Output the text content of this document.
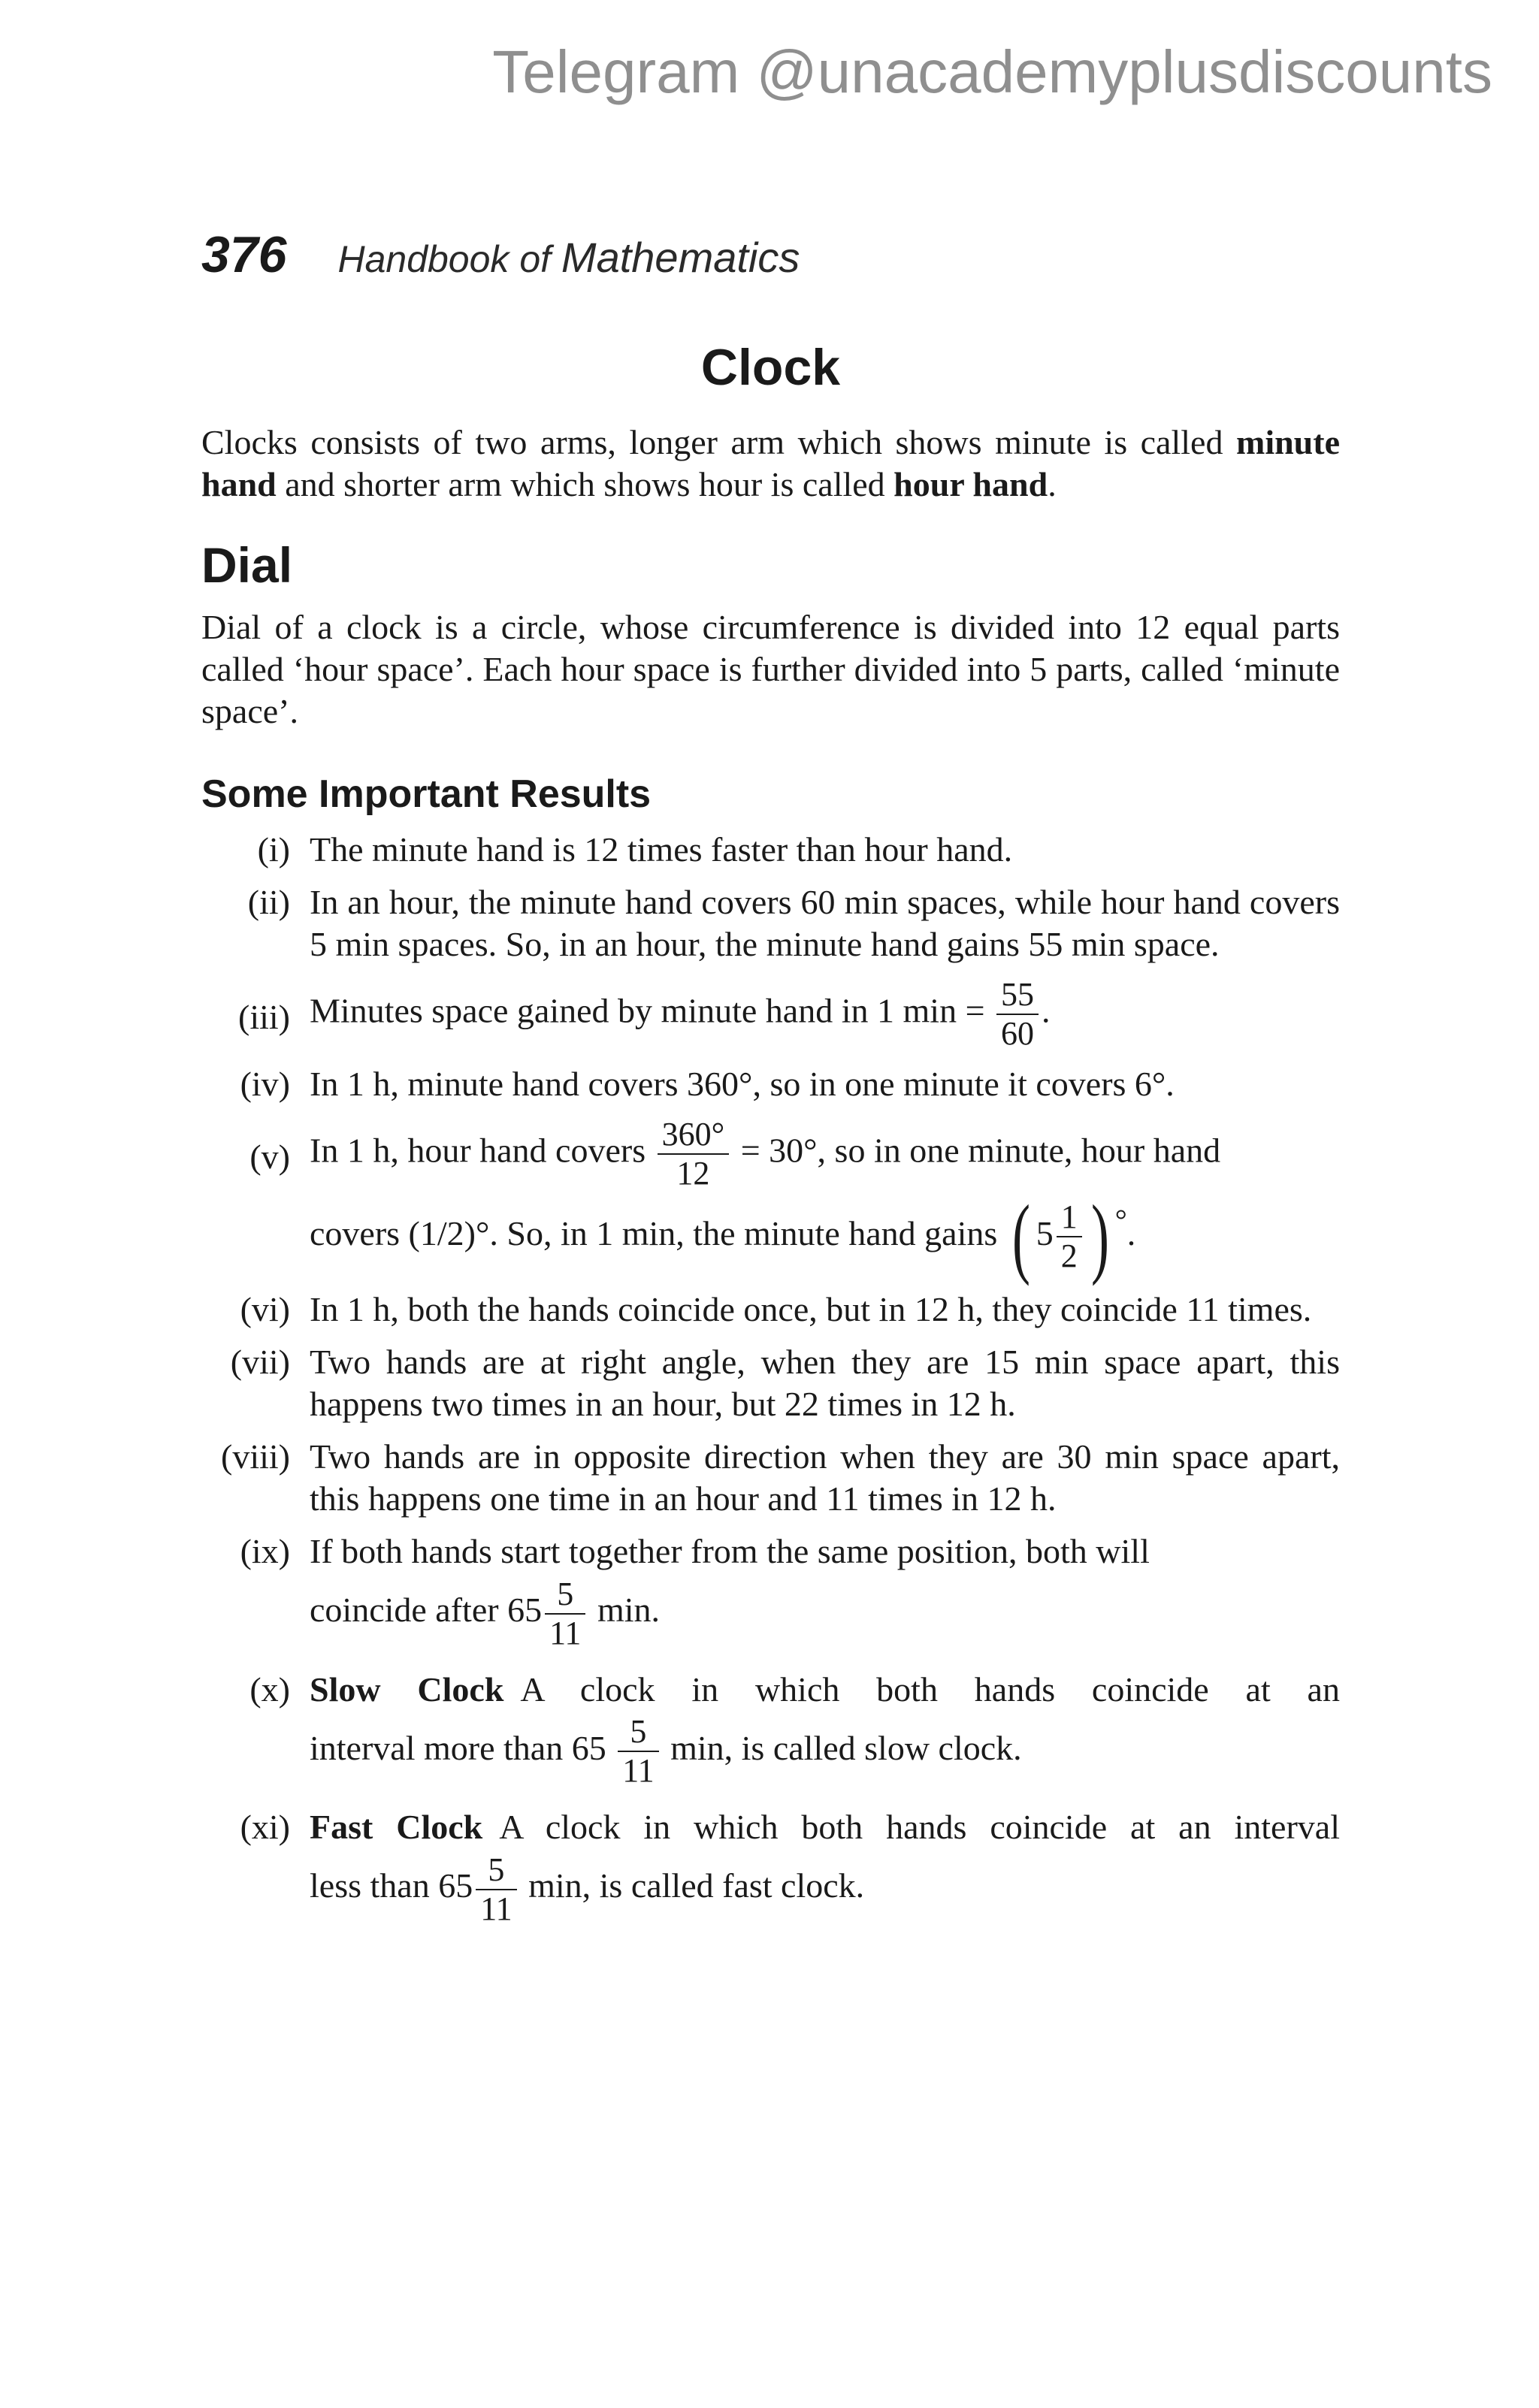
Telegram @unacademyplusdiscounts
376 Handbook of Mathematics
Clock

Clocks consists of two arms, longer arm which shows minute is called minute hand and shorter arm which shows hour is called hour hand.

Dial

Dial of a clock is a circle, whose circumference is divided into 12 equal parts called ‘hour space’. Each hour space is further divided into 5 parts, called ‘minute space’.

Some Important Results
(i) The minute hand is 12 times faster than hour hand.
(ii) In an hour, the minute hand covers 60 min spaces, while hour hand covers 5 min spaces. So, in an hour, the minute hand gains 55 min space.
(iii) Minutes space gained by minute hand in 1 $\min = \frac{55}{60}$ .
(iv) In 1 h, minute hand covers 360°, so in one minute it covers 6°.
(v) In 1 h, hour hand covers $\frac{360^\circ}{12} = 30^\circ$, so in one minute, hour hand
covers (1/2)°. So, in 1 min, the minute hand gains ( $5 \frac{1}{2}$ ) °.
(vi) In 1 h, both the hands coincide once, but in 12 h, they coincide 11 times.
(vii) Two hands are at right angle, when they are 15 min space apart, this happens two times in an hour, but 22 times in 12 h.
(viii) Two hands are in opposite direction when they are 30 min space apart, this happens one time in an hour and 11 times in 12 h.
(ix) If both hands start together from the same position, both will
coincide after $65 \frac{5}{11} \min$.
(x) Slow Clock A clock in which both hands coincide at an
interval more than $65 \frac{5}{11} \min$, is called slow clock.
(xi) Fast Clock A clock in which both hands coincide at an interval
less than $65 \frac{5}{11} \min$, is called fast clock.
